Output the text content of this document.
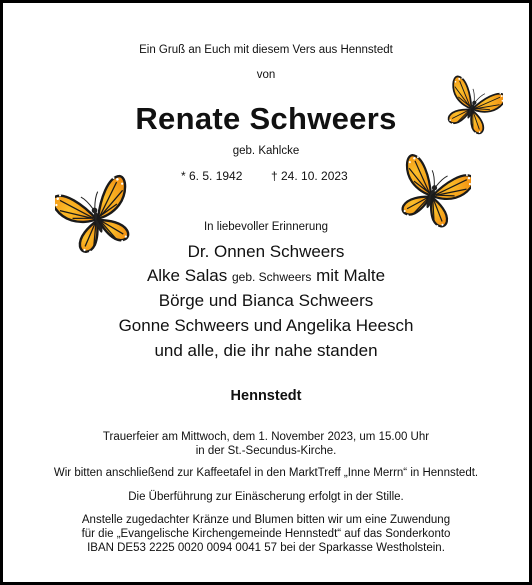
Ein Gruß an Euch mit diesem Vers aus Hennstedt
von
Renate Schweers
geb. Kahlcke
* 6. 5. 1942 † 24. 10. 2023
In liebevoller Erinnerung
Dr. Onnen Schweers
Alke Salas geb. Schweers mit Malte
Börge und Bianca Schweers
Gonne Schweers und Angelika Heesch
und alle, die ihr nahe standen
Hennstedt
Trauerfeier am Mittwoch, dem 1. November 2023, um 15.00 Uhr
in der St.-Secundus-Kirche.
Wir bitten anschließend zur Kaffeetafel in den MarktTreff „Inne Merrn“ in Hennstedt.
Die Überführung zur Einäscherung erfolgt in der Stille.
Anstelle zugedachter Kränze und Blumen bitten wir um eine Zuwendung
für die „Evangelische Kirchengemeinde Hennstedt“ auf das Sonderkonto
IBAN DE53 2225 0020 0094 0041 57 bei der Sparkasse Westholstein.
